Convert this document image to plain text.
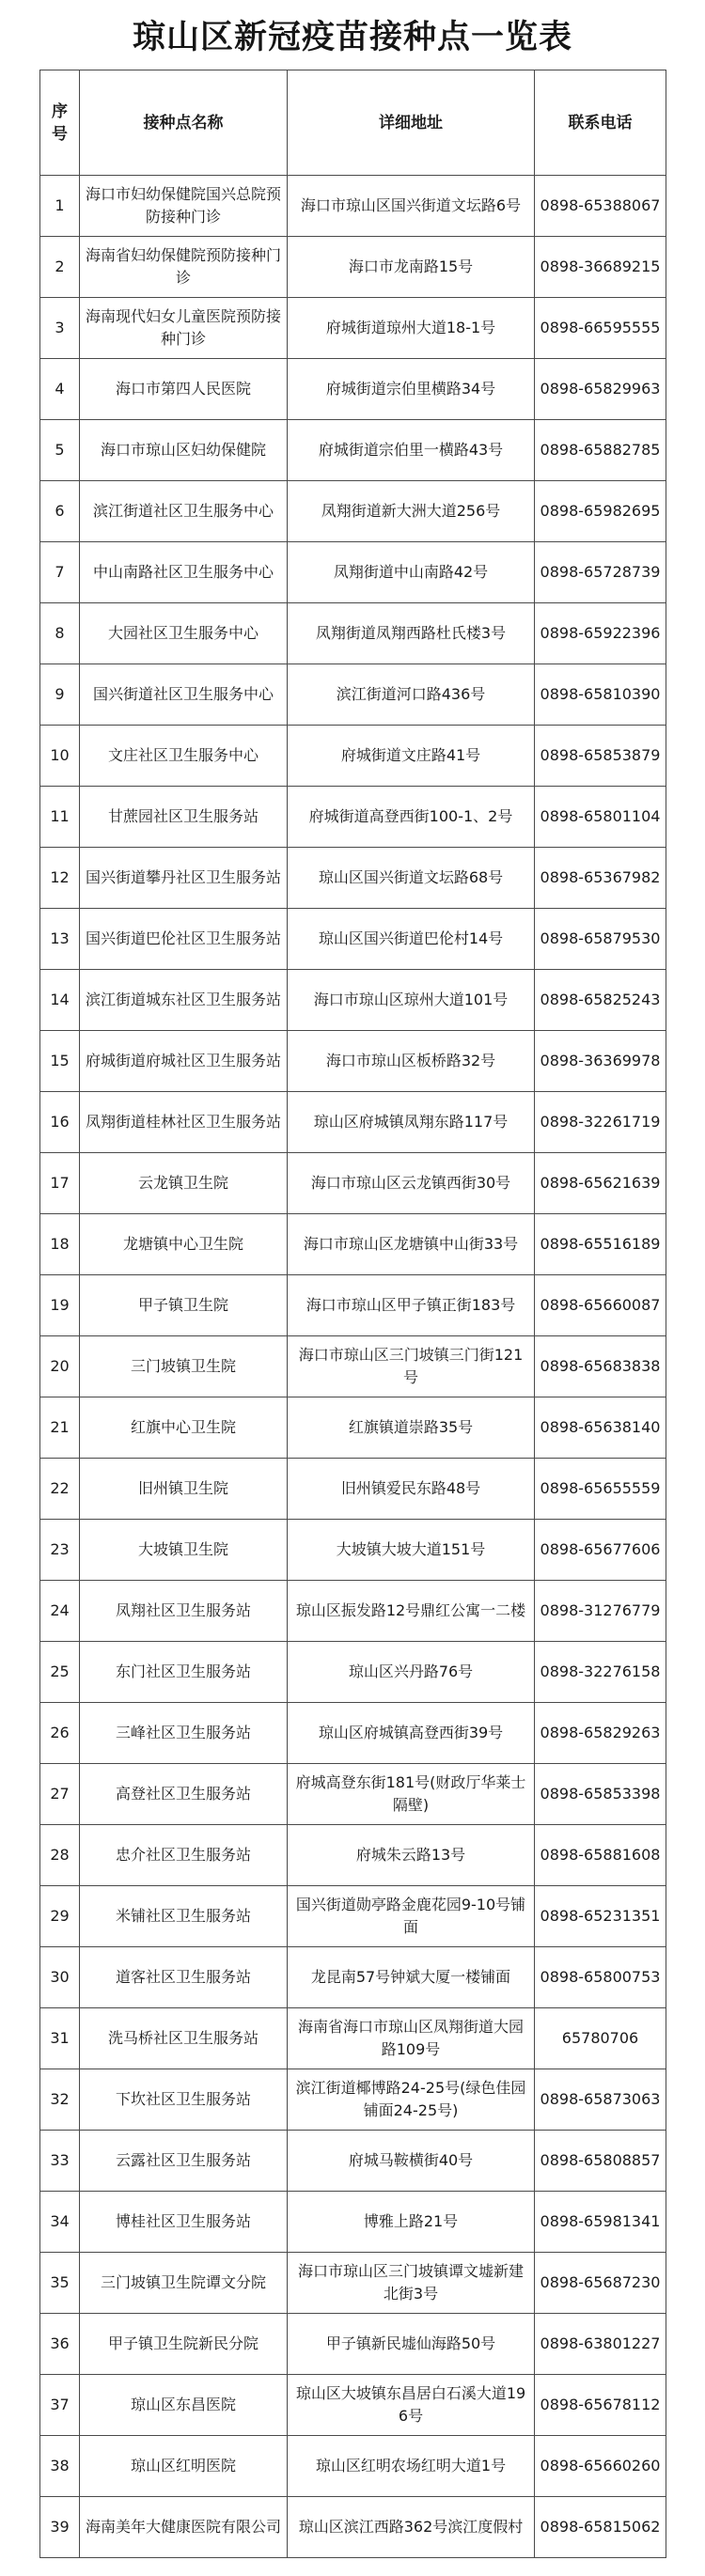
琼山区新冠疫苗接种点一览表
序号	接种点名称	详细地址	联系电话
1	海口市妇幼保健院国兴总院预防接种门诊	海口市琼山区国兴街道文坛路6号	0898-65388067
2	海南省妇幼保健院预防接种门诊	海口市龙南路15号	0898-36689215
3	海南现代妇女儿童医院预防接种门诊	府城街道琼州大道18-1号	0898-66595555
4	海口市第四人民医院	府城街道宗伯里横路34号	0898-65829963
5	海口市琼山区妇幼保健院	府城街道宗伯里一横路43号	0898-65882785
6	滨江街道社区卫生服务中心	凤翔街道新大洲大道256号	0898-65982695
7	中山南路社区卫生服务中心	凤翔街道中山南路42号	0898-65728739
8	大园社区卫生服务中心	凤翔街道凤翔西路杜氏楼3号	0898-65922396
9	国兴街道社区卫生服务中心	滨江街道河口路436号	0898-65810390
10	文庄社区卫生服务中心	府城街道文庄路41号	0898-65853879
11	甘蔗园社区卫生服务站	府城街道高登西街100-1、2号	0898-65801104
12	国兴街道攀丹社区卫生服务站	琼山区国兴街道文坛路68号	0898-65367982
13	国兴街道巴伦社区卫生服务站	琼山区国兴街道巴伦村14号	0898-65879530
14	滨江街道城东社区卫生服务站	海口市琼山区琼州大道101号	0898-65825243
15	府城街道府城社区卫生服务站	海口市琼山区板桥路32号	0898-36369978
16	凤翔街道桂林社区卫生服务站	琼山区府城镇凤翔东路117号	0898-32261719
17	云龙镇卫生院	海口市琼山区云龙镇西街30号	0898-65621639
18	龙塘镇中心卫生院	海口市琼山区龙塘镇中山街33号	0898-65516189
19	甲子镇卫生院	海口市琼山区甲子镇正街183号	0898-65660087
20	三门坡镇卫生院	海口市琼山区三门坡镇三门街121号	0898-65683838
21	红旗中心卫生院	红旗镇道崇路35号	0898-65638140
22	旧州镇卫生院	旧州镇爱民东路48号	0898-65655559
23	大坡镇卫生院	大坡镇大坡大道151号	0898-65677606
24	凤翔社区卫生服务站	琼山区振发路12号鼎红公寓一二楼	0898-31276779
25	东门社区卫生服务站	琼山区兴丹路76号	0898-32276158
26	三峰社区卫生服务站	琼山区府城镇高登西街39号	0898-65829263
27	高登社区卫生服务站	府城高登东街181号(财政厅华莱士隔壁)	0898-65853398
28	忠介社区卫生服务站	府城朱云路13号	0898-65881608
29	米铺社区卫生服务站	国兴街道勋亭路金鹿花园9-10号铺面	0898-65231351
30	道客社区卫生服务站	龙昆南57号钟斌大厦一楼铺面	0898-65800753
31	洗马桥社区卫生服务站	海南省海口市琼山区凤翔街道大园路109号	65780706
32	下坎社区卫生服务站	滨江街道椰博路24-25号(绿色佳园铺面24-25号)	0898-65873063
33	云露社区卫生服务站	府城马鞍横街40号	0898-65808857
34	博桂社区卫生服务站	博雅上路21号	0898-65981341
35	三门坡镇卫生院谭文分院	海口市琼山区三门坡镇谭文墟新建北街3号	0898-65687230
36	甲子镇卫生院新民分院	甲子镇新民墟仙海路50号	0898-63801227
37	琼山区东昌医院	琼山区大坡镇东昌居白石溪大道196号	0898-65678112
38	琼山区红明医院	琼山区红明农场红明大道1号	0898-65660260
39	海南美年大健康医院有限公司	琼山区滨江西路362号滨江度假村	0898-65815062
